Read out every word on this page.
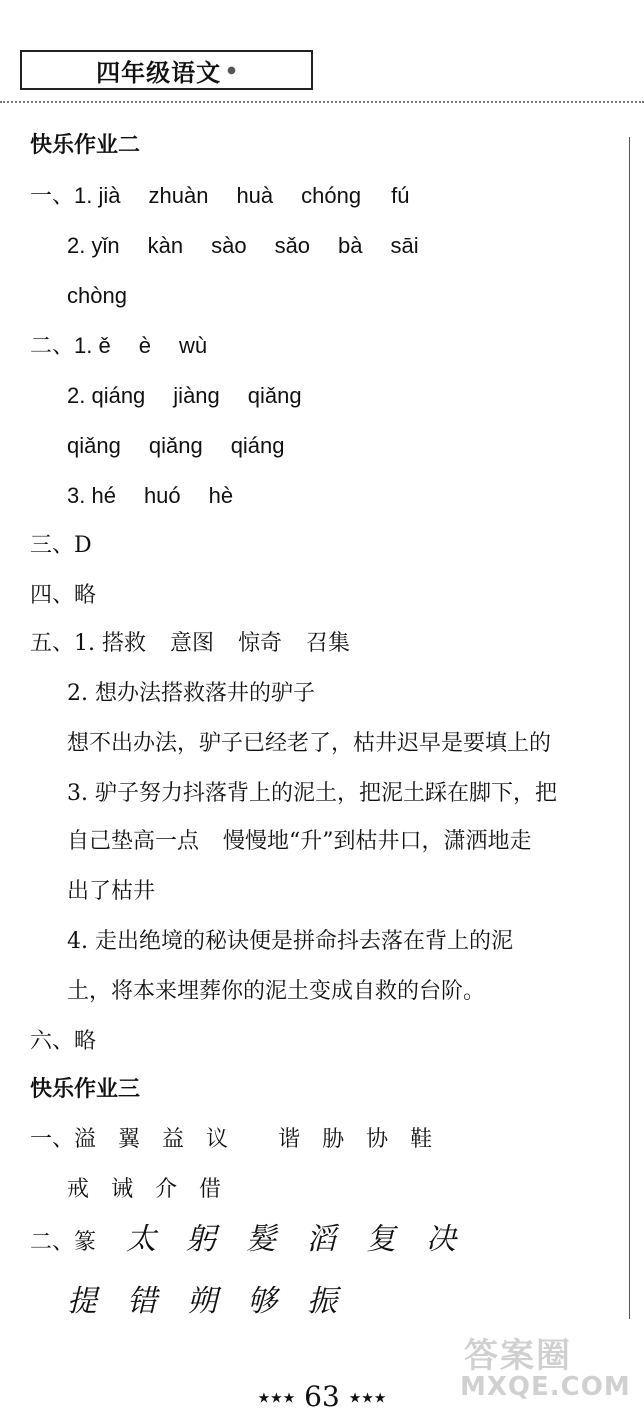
四年级语文 ●
快乐作业二
一、1. jià zhuàn huà chóng fú
2. yǐn kàn sào sǎo bà sāi
chòng
二、1. ě è wù
2. qiáng jiàng qiǎng
qiǎng qiǎng qiáng
3. hé huó hè
三、D
四、略
五、1. 搭救 意图 惊奇 召集
2. 想办法搭救落井的驴子
想不出办法，驴子已经老了，枯井迟早是要填上的
3. 驴子努力抖落背上的泥土，把泥土踩在脚下，把
自己垫高一点 慢慢地“升”到枯井口，潇洒地走
出了枯井
4. 走出绝境的秘诀便是拼命抖去落在背上的泥
土，将本来埋葬你的泥土变成自救的台阶。
六、略
快乐作业三
一、溢 翼 益 议 谐 胁 协 鞋
戒 诫 介 借
二、篆 太 躬 髮 滔 复 决
提 错 朔 够 振
★★★ 63 ★★★
答案圈
MXQE.COM
